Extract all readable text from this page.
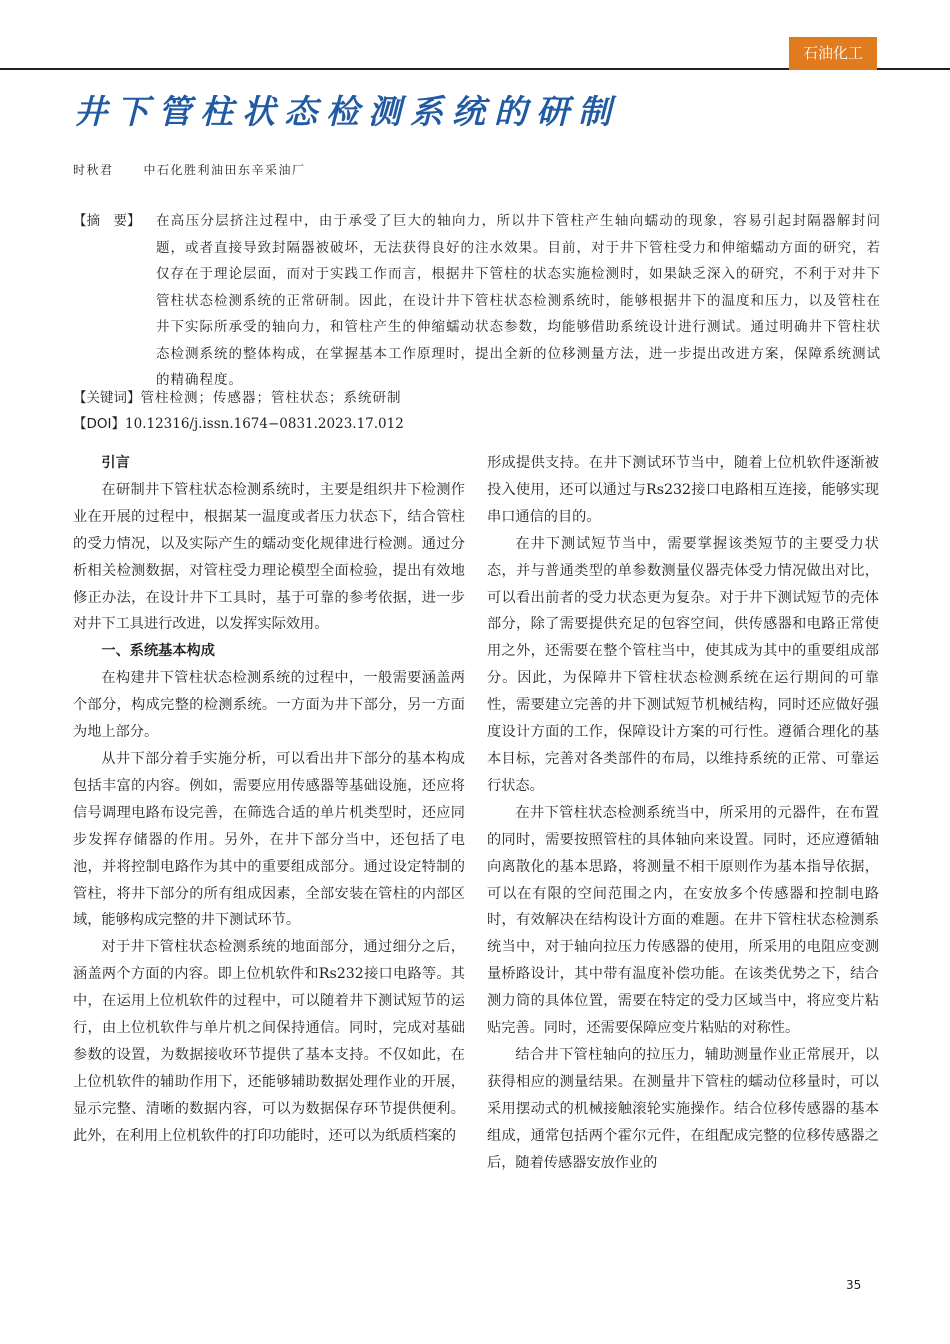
石油化工
井下管柱状态检测系统的研制
时秋君	中石化胜利油田东辛采油厂
【摘　要】	在高压分层挤注过程中，由于承受了巨大的轴向力，所以井下管柱产生轴向蠕动的现象，容易引起封隔器解封问题，或者直接导致封隔器被破坏，无法获得良好的注水效果。目前，对于井下管柱受力和伸缩蠕动方面的研究，若仅存在于理论层面，而对于实践工作而言，根据井下管柱的状态实施检测时，如果缺乏深入的研究，不利于对井下管柱状态检测系统的正常研制。因此，在设计井下管柱状态检测系统时，能够根据井下的温度和压力，以及管柱在井下实际所承受的轴向力，和管柱产生的伸缩蠕动状态参数，均能够借助系统设计进行测试。通过明确井下管柱状态检测系统的整体构成，在掌握基本工作原理时，提出全新的位移测量方法，进一步提出改进方案，保障系统测试的精确程度。
【关键词】管柱检测；传感器；管柱状态；系统研制
【DOI】10.12316/j.issn.1674−0831.2023.17.012
引言

在研制井下管柱状态检测系统时，主要是组织井下检测作业在开展的过程中，根据某一温度或者压力状态下，结合管柱的受力情况，以及实际产生的蠕动变化规律进行检测。通过分析相关检测数据，对管柱受力理论模型全面检验，提出有效地修正办法，在设计井下工具时，基于可靠的参考依据，进一步对井下工具进行改进，以发挥实际效用。

一、系统基本构成

在构建井下管柱状态检测系统的过程中，一般需要涵盖两个部分，构成完整的检测系统。一方面为井下部分，另一方面为地上部分。

从井下部分着手实施分析，可以看出井下部分的基本构成包括丰富的内容。例如，需要应用传感器等基础设施，还应将信号调理电路布设完善，在筛选合适的单片机类型时，还应同步发挥存储器的作用。另外，在井下部分当中，还包括了电池，并将控制电路作为其中的重要组成部分。通过设定特制的管柱，将井下部分的所有组成因素，全部安装在管柱的内部区域，能够构成完整的井下测试环节。

对于井下管柱状态检测系统的地面部分，通过细分之后，涵盖两个方面的内容。即上位机软件和Rs232接口电路等。其中，在运用上位机软件的过程中，可以随着井下测试短节的运行，由上位机软件与单片机之间保持通信。同时，完成对基础参数的设置，为数据接收环节提供了基本支持。不仅如此，在上位机软件的辅助作用下，还能够辅助数据处理作业的开展，显示完整、清晰的数据内容，可以为数据保存环节提供便利。此外，在利用上位机软件的打印功能时，还可以为纸质档案的

形成提供支持。在井下测试环节当中，随着上位机软件逐渐被投入使用，还可以通过与Rs232接口电路相互连接，能够实现串口通信的目的。

在井下测试短节当中，需要掌握该类短节的主要受力状态，并与普通类型的单参数测量仪器壳体受力情况做出对比，可以看出前者的受力状态更为复杂。对于井下测试短节的壳体部分，除了需要提供充足的包容空间，供传感器和电路正常使用之外，还需要在整个管柱当中，使其成为其中的重要组成部分。因此，为保障井下管柱状态检测系统在运行期间的可靠性，需要建立完善的井下测试短节机械结构，同时还应做好强度设计方面的工作，保障设计方案的可行性。遵循合理化的基本目标，完善对各类部件的布局，以维持系统的正常、可靠运行状态。

在井下管柱状态检测系统当中，所采用的元器件，在布置的同时，需要按照管柱的具体轴向来设置。同时，还应遵循轴向离散化的基本思路，将测量不相干原则作为基本指导依据，可以在有限的空间范围之内，在安放多个传感器和控制电路时，有效解决在结构设计方面的难题。在井下管柱状态检测系统当中，对于轴向拉压力传感器的使用，所采用的电阻应变测量桥路设计，其中带有温度补偿功能。在该类优势之下，结合测力筒的具体位置，需要在特定的受力区域当中，将应变片粘贴完善。同时，还需要保障应变片粘贴的对称性。

结合井下管柱轴向的拉压力，辅助测量作业正常展开，以获得相应的测量结果。在测量井下管柱的蠕动位移量时，可以采用摆动式的机械接触滚轮实施操作。结合位移传感器的基本组成，通常包括两个霍尔元件，在组配成完整的位移传感器之后，随着传感器安放作业的

35
